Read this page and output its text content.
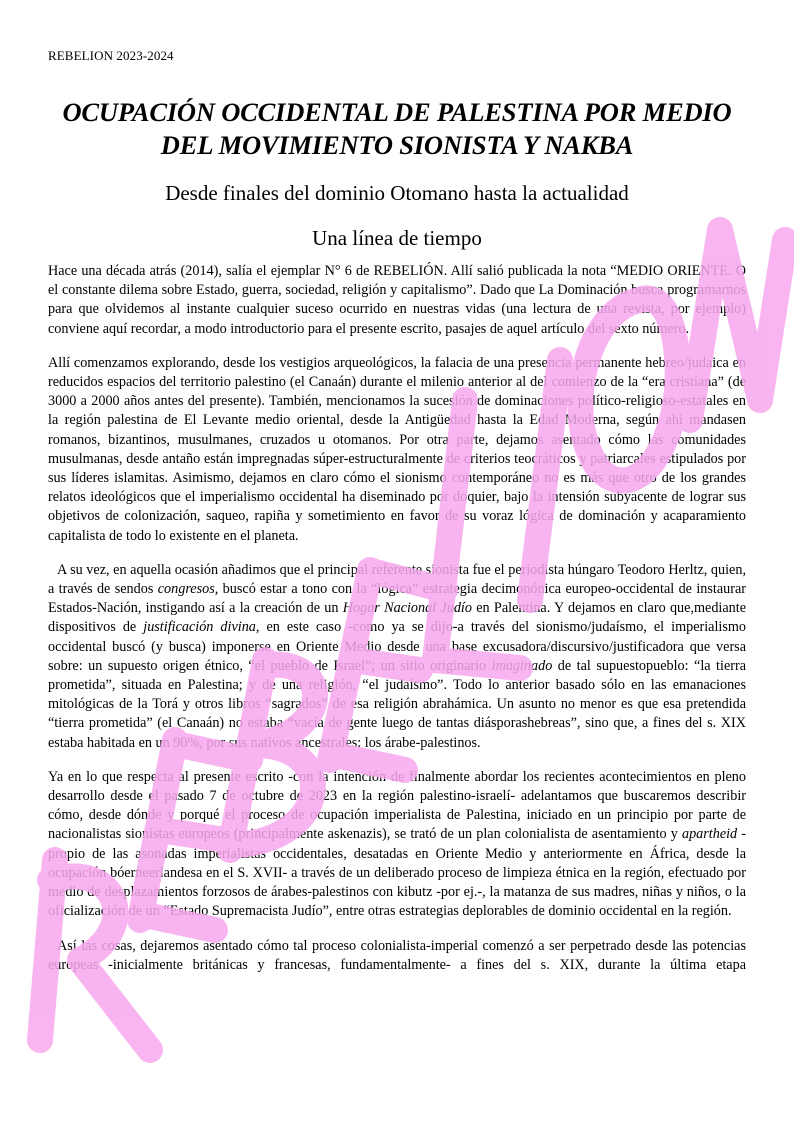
REBELION 2023-2024
OCUPACIÓN OCCIDENTAL DE PALESTINA POR MEDIO
DEL MOVIMIENTO SIONISTA Y NAKBA
Desde finales del dominio Otomano hasta la actualidad
Una línea de tiempo

Hace una década atrás (2014), salía el ejemplar N° 6 de REBELIÓN. Allí salió publicada la nota “MEDIO ORIENTE. O el constante dilema sobre Estado, guerra, sociedad, religión y capitalismo”. Dado que La Dominación busca programarnos para que olvidemos al instante cualquier suceso ocurrido en nuestras vidas (una lectura de una revista, por ejemplo) conviene aquí recordar, a modo introductorio para el presente escrito, pasajes de aquel artículo del sexto número.

Allí comenzamos explorando, desde los vestigios arqueológicos, la falacia de una presencia permanente hebreo/judaica en reducidos espacios del territorio palestino (el Canaán) durante el milenio anterior al del comienzo de la “era cristiana” (de 3000 a 2000 años antes del presente). También, mencionamos la sucesión de dominaciones político-religioso-estatales en la región palestina de El Levante medio oriental, desde la Antigüedad hasta la Edad Moderna, según ahí mandasen romanos, bizantinos, musulmanes, cruzados u otomanos. Por otra parte, dejamos asentado cómo las comunidades musulmanas, desde antaño están impregnadas súper-estructuralmente de criterios teocráticos y patriarcales estipulados por sus líderes islamitas. Asimismo, dejamos en claro cómo el sionismo contemporáneo no es más que otro de los grandes relatos ideológicos que el imperialismo occidental ha diseminado por doquier, bajo la intensión subyacente de lograr sus objetivos de colonización, saqueo, rapiña y sometimiento en favor de su voraz lógica de dominación y acaparamiento capitalista de todo lo existente en el planeta.

A su vez, en aquella ocasión añadimos que el principal referente sionista fue el periodista húngaro Teodoro Herltz, quien, a través de sendos congresos, buscó estar a tono con la “lógica” estrategia decimonónica europeo-occidental de instaurar Estados-Nación, instigando así a la creación de un Hogar Nacional Judío en Palentina. Y dejamos en claro que,mediante dispositivos de justificación divina, en este caso -como ya se dijo-a través del sionismo/judaísmo, el imperialismo occidental buscó (y busca) imponerse en Oriente Medio desde una base excusadora/discursivo/justificadora que versa sobre: un supuesto origen étnico, “el pueblo de Israel”; un sitio originario imaginado de tal supuestopueblo: “la tierra prometida”, situada en Palestina; y de una religión, “el judaísmo”. Todo lo anterior basado sólo en las emanaciones mitológicas de la Torá y otros libros “sagrados” de esa religión abrahámica. Un asunto no menor es que esa pretendida “tierra prometida” (el Canaán) no estaba “vacía de gente luego de tantas diásporashebreas”, sino que, a fines del s. XIX estaba habitada en un 90%, por sus nativos ancestrales: los árabe-palestinos.

Ya en lo que respecta al presente escrito -con la intención de finalmente abordar los recientes acontecimientos en pleno desarrollo desde el pasado 7 de octubre de 2023 en la región palestino-israelí- adelantamos que buscaremos describir cómo, desde dónde y porqué el proceso de ocupación imperialista de Palestina, iniciado en un principio por parte de nacionalistas sionistas europeos (principalmente askenazis), se trató de un plan colonialista de asentamiento y apartheid -propio de las asonadas imperialistas occidentales, desatadas en Oriente Medio y anteriormente en África, desde la ocupación bóerneerlandesa en el S. XVII- a través de un deliberado proceso de limpieza étnica en la región, efectuado por medio de desplazamientos forzosos de árabes-palestinos con kibutz -por ej.-, la matanza de sus madres, niñas y niños, o la oficialización de un “Estado Supremacista Judío”, entre otras estrategias deplorables de dominio occidental en la región.

Así las cosas, dejaremos asentado cómo tal proceso colonialista-imperial comenzó a ser perpetrado desde las potencias europeas -inicialmente británicas y francesas, fundamentalmente- a fines del s. XIX, durante la última etapa
